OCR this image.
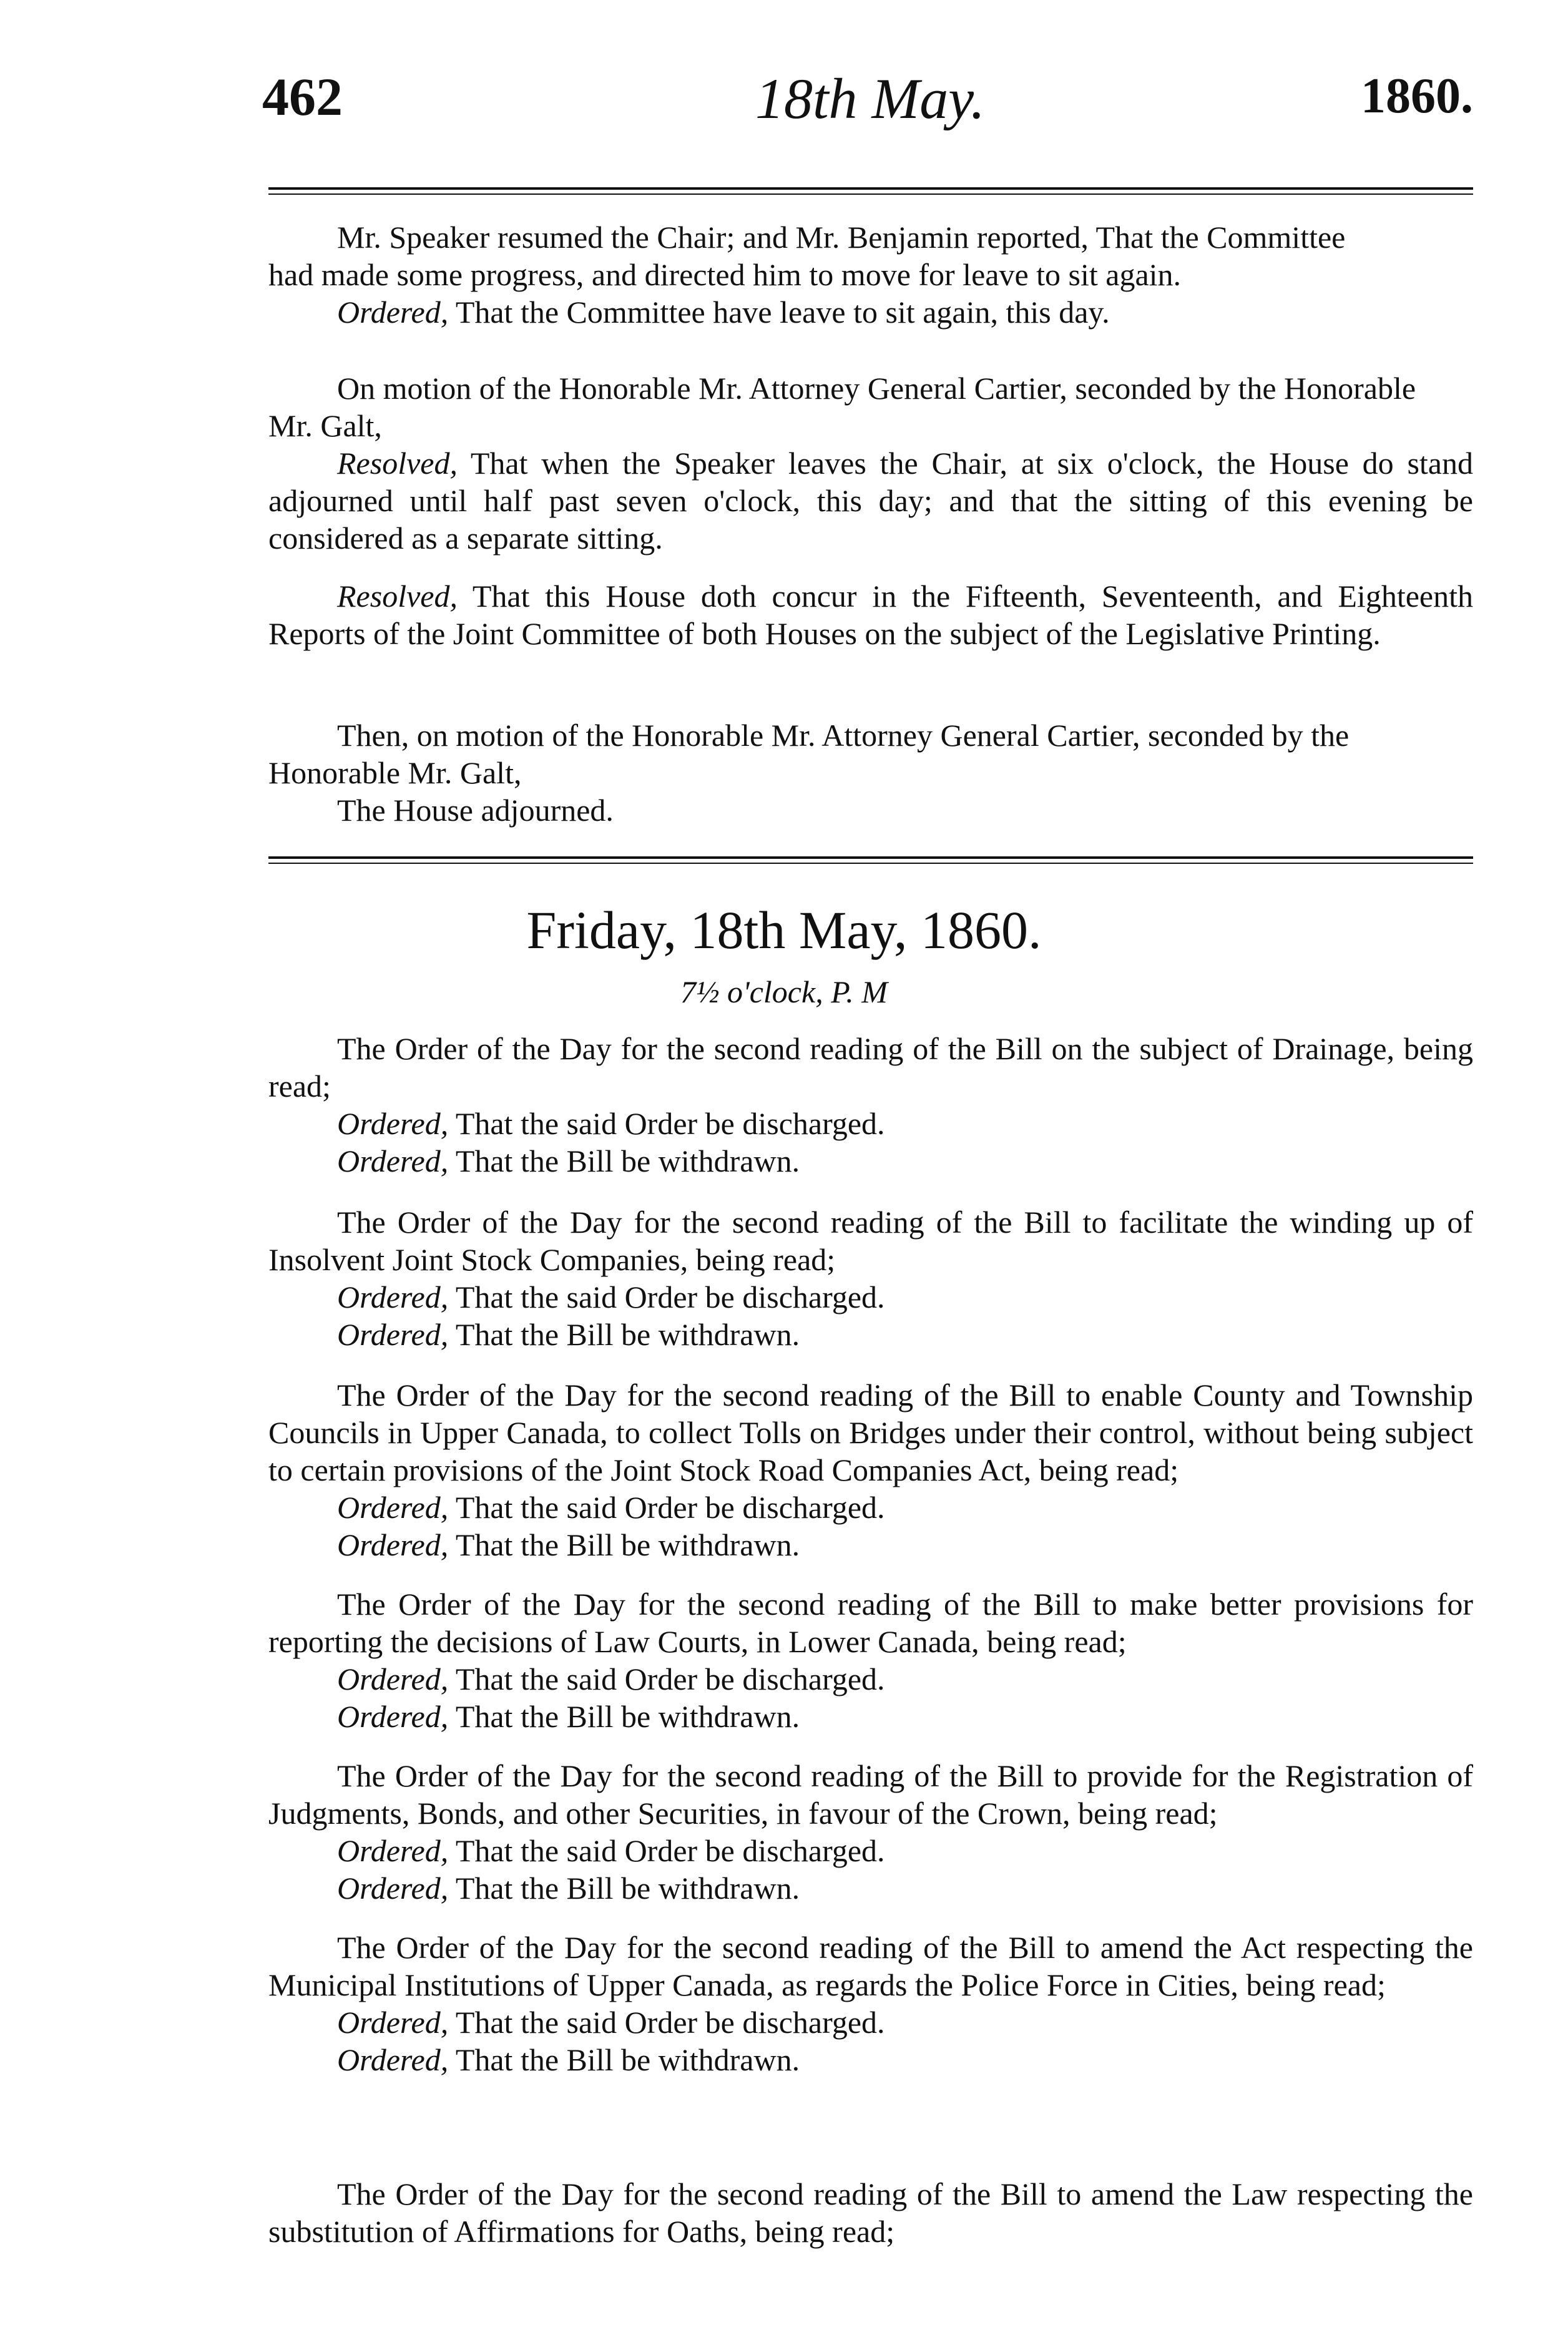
462	18th May.	1860.

Mr. Speaker resumed the Chair; and Mr. Benjamin reported, That the Committee

had made some progress, and directed him to move for leave to sit again.

Ordered, That the Committee have leave to sit again, this day.

On motion of the Honorable Mr. Attorney General Cartier, seconded by the Honorable

Mr. Galt,

Resolved, That when the Speaker leaves the Chair, at six o'clock, the House do stand adjourned until half past seven o'clock, this day; and that the sitting of this evening be considered as a separate sitting.

Resolved, That this House doth concur in the Fifteenth, Seventeenth, and Eighteenth Reports of the Joint Committee of both Houses on the subject of the Legislative Printing.

Then, on motion of the Honorable Mr. Attorney General Cartier, seconded by the

Honorable Mr. Galt,

The House adjourned.

Friday, 18th May, 1860.
7½ o'clock, P. M

The Order of the Day for the second reading of the Bill on the subject of Drainage, being read;

Ordered, That the said Order be discharged.

Ordered, That the Bill be withdrawn.

The Order of the Day for the second reading of the Bill to facilitate the winding up of Insolvent Joint Stock Companies, being read;

Ordered, That the said Order be discharged.

Ordered, That the Bill be withdrawn.

The Order of the Day for the second reading of the Bill to enable County and Township Councils in Upper Canada, to collect Tolls on Bridges under their control, without being subject to certain provisions of the Joint Stock Road Companies Act, being read;

Ordered, That the said Order be discharged.

Ordered, That the Bill be withdrawn.

The Order of the Day for the second reading of the Bill to make better provisions for reporting the decisions of Law Courts, in Lower Canada, being read;

Ordered, That the said Order be discharged.

Ordered, That the Bill be withdrawn.

The Order of the Day for the second reading of the Bill to provide for the Registration of Judgments, Bonds, and other Securities, in favour of the Crown, being read;

Ordered, That the said Order be discharged.

Ordered, That the Bill be withdrawn.

The Order of the Day for the second reading of the Bill to amend the Act respecting the Municipal Institutions of Upper Canada, as regards the Police Force in Cities, being read;

Ordered, That the said Order be discharged.

Ordered, That the Bill be withdrawn.

The Order of the Day for the second reading of the Bill to amend the Law respecting the substitution of Affirmations for Oaths, being read;
